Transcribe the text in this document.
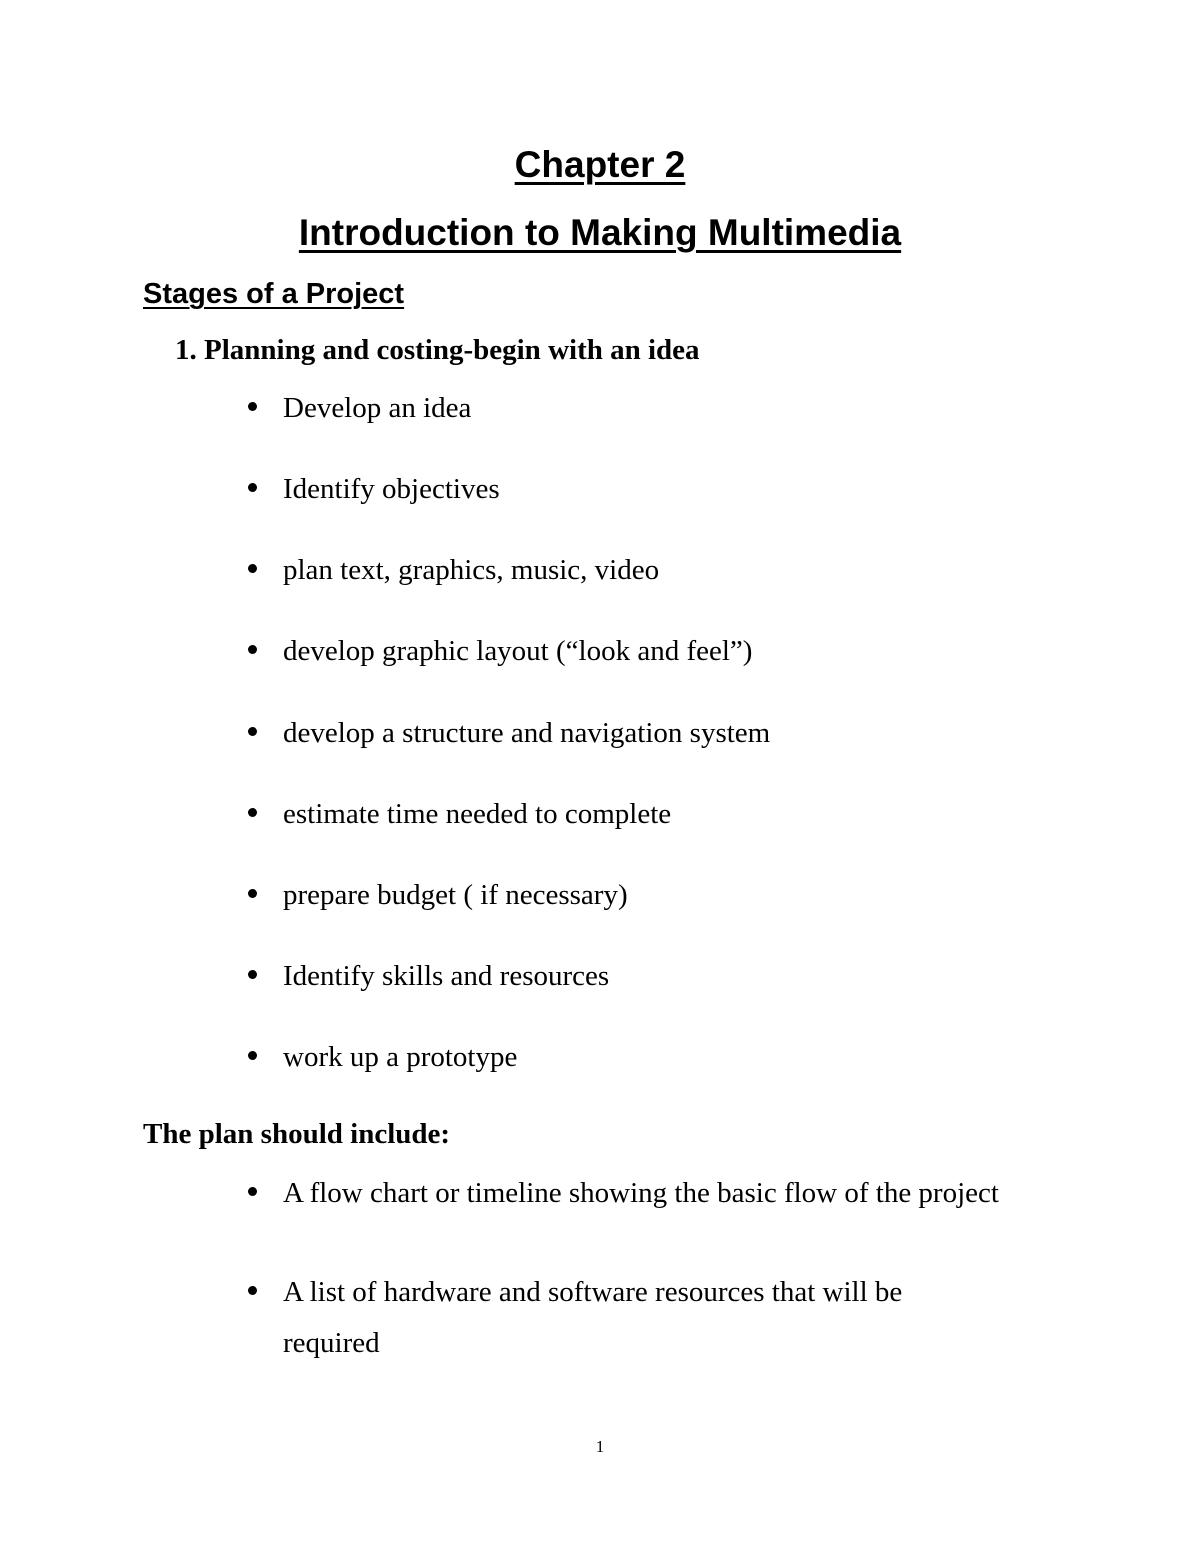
Chapter 2
Introduction to Making Multimedia
Stages of a Project
1. Planning and costing-begin with an idea
Develop an idea
Identify objectives
plan text, graphics, music, video
develop graphic layout (“look and feel”)
develop a structure and navigation system
estimate time needed to complete
prepare budget ( if necessary)
Identify skills and resources
work up a prototype
The plan should include:
A flow chart or timeline showing the basic flow of the project
A list of hardware and software resources that will be
required
1
